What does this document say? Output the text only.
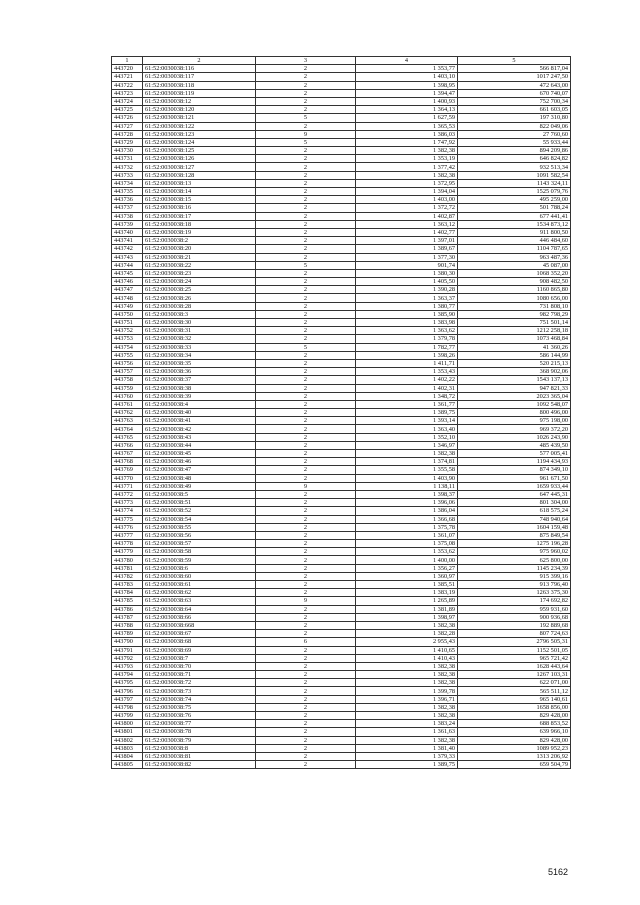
1	2	3	4	5
443720	61:52:0030038:116	2	1 353,77	566 817,04
443721	61:52:0030038:117	2	1 403,10	1017 247,50
443722	61:52:0030038:118	2	1 398,95	472 643,00
443723	61:52:0030038:119	2	1 394,47	670 740,07
443724	61:52:0030038:12	2	1 400,93	752 700,34
443725	61:52:0030038:120	2	1 364,13	661 603,05
443726	61:52:0030038:121	5	1 627,59	197 310,80
443727	61:52:0030038:122	2	1 365,53	822 049,06
443728	61:52:0030038:123	9	1 386,03	27 760,60
443729	61:52:0030038:124	5	1 747,92	55 933,44
443730	61:52:0030038:125	2	1 382,38	894 209,86
443731	61:52:0030038:126	2	1 353,19	646 824,82
443732	61:52:0030038:127	2	1 377,42	932 513,34
443733	61:52:0030038:128	2	1 382,38	1091 582,54
443734	61:52:0030038:13	2	1 372,95	1143 324,11
443735	61:52:0030038:14	2	1 394,04	1525 079,76
443736	61:52:0030038:15	2	1 403,00	495 259,00
443737	61:52:0030038:16	2	1 372,72	501 788,24
443738	61:52:0030038:17	2	1 402,87	677 441,41
443739	61:52:0030038:18	2	1 363,12	1534 873,12
443740	61:52:0030038:19	2	1 402,77	911 800,50
443741	61:52:0030038:2	2	1 397,01	446 484,60
443742	61:52:0030038:20	2	1 389,67	1104 787,65
443743	61:52:0030038:21	2	1 377,30	963 487,36
443744	61:52:0030038:22	5	901,74	45 087,00
443745	61:52:0030038:23	2	1 380,30	1068 352,20
443746	61:52:0030038:24	2	1 405,50	908 482,50
443747	61:52:0030038:25	2	1 390,28	1160 865,80
443748	61:52:0030038:26	2	1 363,37	1080 656,00
443749	61:52:0030038:28	2	1 380,77	731 808,10
443750	61:52:0030038:3	2	1 385,90	982 798,29
443751	61:52:0030038:30	2	1 383,98	751 501,14
443752	61:52:0030038:31	2	1 363,62	1212 258,18
443753	61:52:0030038:32	2	1 379,78	1073 468,84
443754	61:52:0030038:33	5	1 782,77	41 360,26
443755	61:52:0030038:34	2	1 398,26	586 144,99
443756	61:52:0030038:35	2	1 411,71	520 215,13
443757	61:52:0030038:36	2	1 353,43	368 902,06
443758	61:52:0030038:37	2	1 402,22	1543 137,13
443759	61:52:0030038:38	2	1 402,31	947 821,33
443760	61:52:0030038:39	2	1 348,72	2023 365,04
443761	61:52:0030038:4	2	1 361,77	1092 548,07
443762	61:52:0030038:40	2	1 389,75	800 496,00
443763	61:52:0030038:41	2	1 393,14	975 198,00
443764	61:52:0030038:42	2	1 363,40	969 372,20
443765	61:52:0030038:43	2	1 352,10	1026 243,90
443766	61:52:0030038:44	2	1 346,97	485 439,50
443767	61:52:0030038:45	2	1 382,38	577 005,41
443768	61:52:0030038:46	2	1 374,81	1194 434,93
443769	61:52:0030038:47	2	1 355,58	874 349,10
443770	61:52:0030038:48	2	1 403,90	961 671,50
443771	61:52:0030038:49	9	1 138,11	1659 933,44
443772	61:52:0030038:5	2	1 398,37	647 445,31
443773	61:52:0030038:51	2	1 396,06	801 304,00
443774	61:52:0030038:52	2	1 386,04	618 575,24
443775	61:52:0030038:54	2	1 366,68	748 940,64
443776	61:52:0030038:55	2	1 375,78	1604 159,48
443777	61:52:0030038:56	2	1 361,07	875 849,54
443778	61:52:0030038:57	2	1 375,08	1275 196,28
443779	61:52:0030038:58	2	1 353,62	975 960,02
443780	61:52:0030038:59	2	1 400,00	625 800,00
443781	61:52:0030038:6	2	1 356,27	1145 234,39
443782	61:52:0030038:60	2	1 360,97	915 399,16
443783	61:52:0030038:61	2	1 385,51	913 796,40
443784	61:52:0030038:62	2	1 383,19	1263 375,30
443785	61:52:0030038:63	9	1 265,89	174 692,82
443786	61:52:0030038:64	2	1 381,89	959 931,60
443787	61:52:0030038:66	2	1 398,97	900 936,68
443788	61:52:0030038:668	2	1 382,38	192 889,68
443789	61:52:0030038:67	2	1 382,28	807 724,63
443790	61:52:0030038:68	6	2 955,43	2796 505,31
443791	61:52:0030038:69	2	1 410,65	1152 501,05
443792	61:52:0030038:7	2	1 410,43	965 721,42
443793	61:52:0030038:70	2	1 382,38	1628 443,64
443794	61:52:0030038:71	2	1 382,38	1267 103,31
443795	61:52:0030038:72	2	1 382,38	622 071,00
443796	61:52:0030038:73	2	1 399,78	565 511,12
443797	61:52:0030038:74	2	1 396,71	965 140,61
443798	61:52:0030038:75	2	1 382,38	1658 856,00
443799	61:52:0030038:76	2	1 382,38	829 428,00
443800	61:52:0030038:77	2	1 383,24	688 853,52
443801	61:52:0030038:78	2	1 361,63	639 966,10
443802	61:52:0030038:79	2	1 382,38	829 428,00
443803	61:52:0030038:8	2	1 381,40	1089 952,23
443804	61:52:0030038:81	2	1 379,33	1313 206,92
443805	61:52:0030038:82	2	1 389,75	659 504,79
5162
